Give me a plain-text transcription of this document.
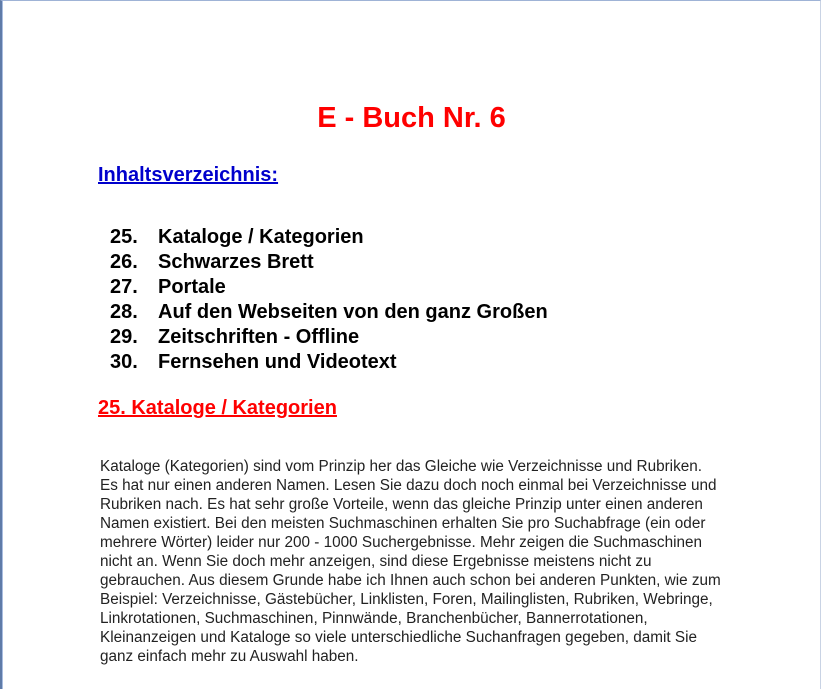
E - Buch Nr. 6
Inhaltsverzeichnis:
25. Kataloge / Kategorien
26. Schwarzes Brett
27. Portale
28. Auf den Webseiten von den ganz Großen
29. Zeitschriften - Offline
30. Fernsehen und Videotext
25. Kataloge / Kategorien

Kataloge (Kategorien) sind vom Prinzip her das Gleiche wie Verzeichnisse und Rubriken.
Es hat nur einen anderen Namen. Lesen Sie dazu doch noch einmal bei Verzeichnisse und
Rubriken nach. Es hat sehr große Vorteile, wenn das gleiche Prinzip unter einen anderen
Namen existiert. Bei den meisten Suchmaschinen erhalten Sie pro Suchabfrage (ein oder
mehrere Wörter) leider nur 200 - 1000 Suchergebnisse. Mehr zeigen die Suchmaschinen
nicht an. Wenn Sie doch mehr anzeigen, sind diese Ergebnisse meistens nicht zu
gebrauchen. Aus diesem Grunde habe ich Ihnen auch schon bei anderen Punkten, wie zum
Beispiel: Verzeichnisse, Gästebücher, Linklisten, Foren, Mailinglisten, Rubriken, Webringe,
Linkrotationen, Suchmaschinen, Pinnwände, Branchenbücher, Bannerrotationen,
Kleinanzeigen und Kataloge so viele unterschiedliche Suchanfragen gegeben, damit Sie
ganz einfach mehr zu Auswahl haben.
